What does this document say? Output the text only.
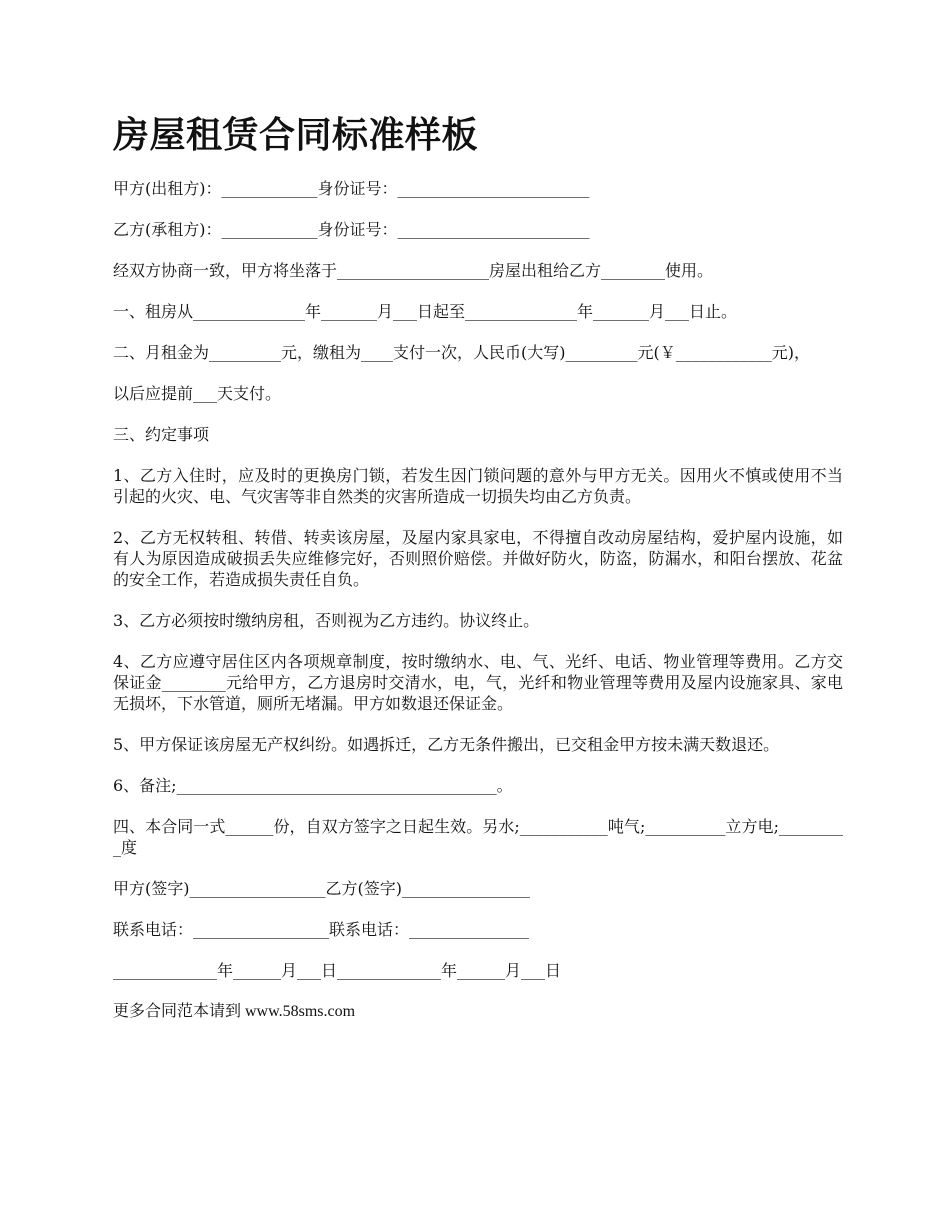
房屋租赁合同标准样板

甲方(出租方)：____________身份证号：________________________

乙方(承租方)：____________身份证号：________________________

经双方协商一致，甲方将坐落于___________________房屋出租给乙方________使用。

一、租房从______________年_______月___日起至______________年_______月___日止。

二、月租金为_________元，缴租为____支付一次，人民币(大写)_________元(￥____________元)，

以后应提前___天支付。

三、约定事项

1、乙方入住时，应及时的更换房门锁，若发生因门锁问题的意外与甲方无关。因用火不慎或使用不当引起的火灾、电、气灾害等非自然类的灾害所造成一切损失均由乙方负责。

2、乙方无权转租、转借、转卖该房屋，及屋内家具家电，不得擅自改动房屋结构，爱护屋内设施，如有人为原因造成破损丢失应维修完好，否则照价赔偿。并做好防火，防盗，防漏水，和阳台摆放、花盆的安全工作，若造成损失责任自负。

3、乙方必须按时缴纳房租，否则视为乙方违约。协议终止。

4、乙方应遵守居住区内各项规章制度，按时缴纳水、电、气、光纤、电话、物业管理等费用。乙方交保证金________元给甲方，乙方退房时交清水，电，气，光纤和物业管理等费用及屋内设施家具、家电无损坏，下水管道，厕所无堵漏。甲方如数退还保证金。

5、甲方保证该房屋无产权纠纷。如遇拆迁，乙方无条件搬出，已交租金甲方按未满天数退还。

6、备注;________________________________________。

四、本合同一式______份，自双方签字之日起生效。另水;___________吨气;__________立方电;_________度

甲方(签字)_________________乙方(签字)________________

联系电话：_________________联系电话：_______________

_____________年______月___日_____________年______月___日

更多合同范本请到 www.58sms.com
